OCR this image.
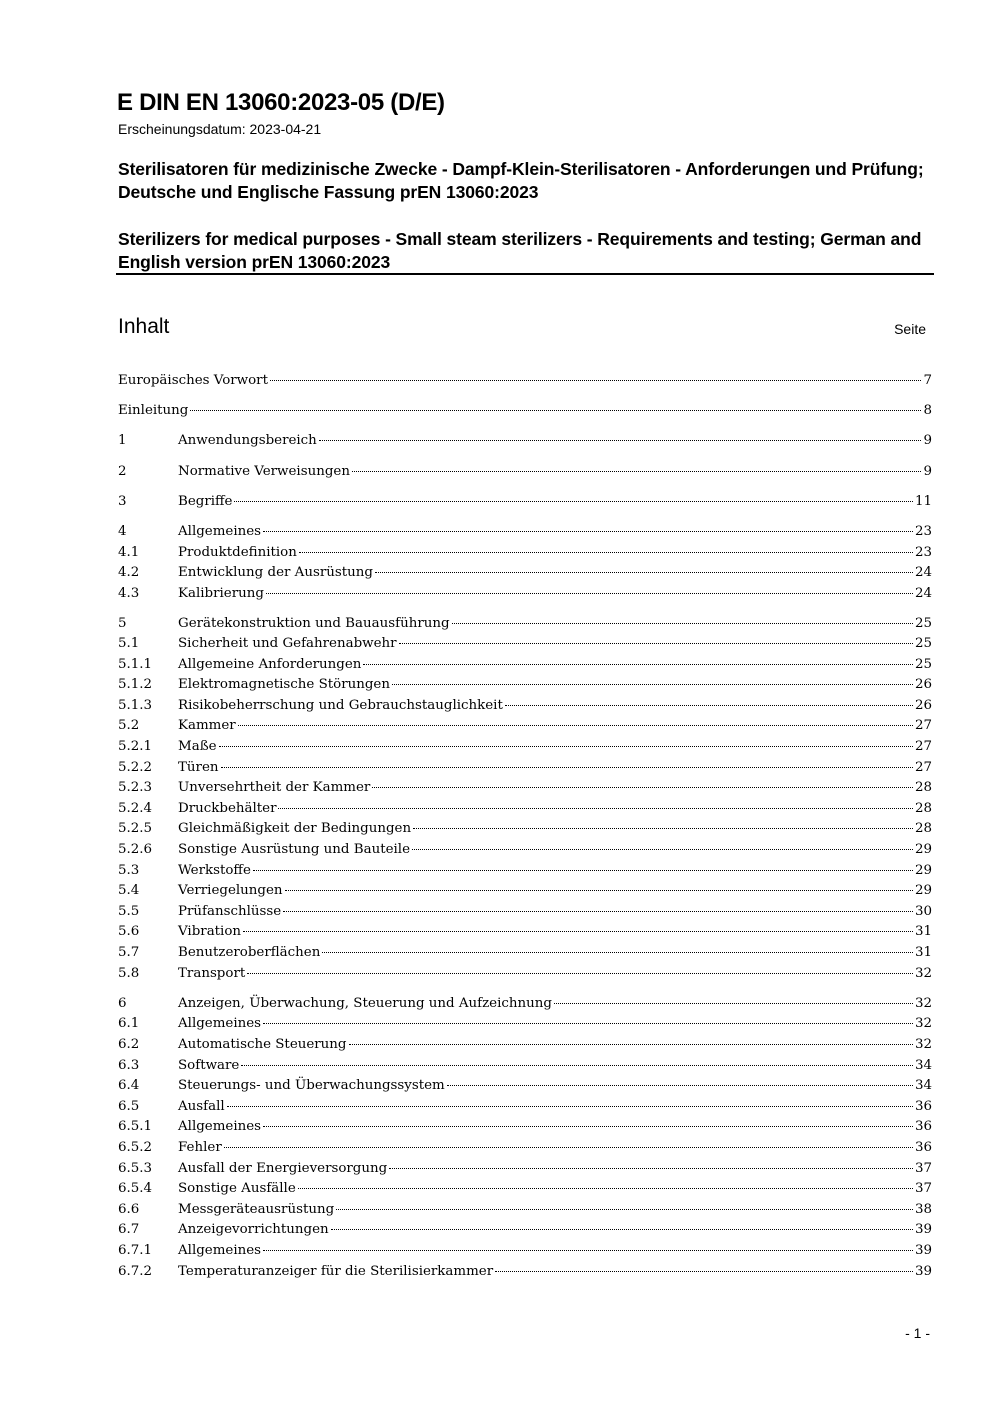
E DIN EN 13060:2023-05 (D/E)
Erscheinungsdatum: 2023-04-21
Sterilisatoren für medizinische Zwecke - Dampf-Klein-Sterilisatoren - Anforderungen und Prüfung; Deutsche und Englische Fassung prEN 13060:2023
Sterilizers for medical purposes - Small steam sterilizers - Requirements and testing; German and English version prEN 13060:2023
Inhalt	Seite
Europäisches Vorwort	7
Einleitung	8
1	Anwendungsbereich	9
2	Normative Verweisungen	9
3	Begriffe	11
4	Allgemeines	23
4.1	Produktdefinition	23
4.2	Entwicklung der Ausrüstung	24
4.3	Kalibrierung	24
5	Gerätekonstruktion und Bauausführung	25
5.1	Sicherheit und Gefahrenabwehr	25
5.1.1	Allgemeine Anforderungen	25
5.1.2	Elektromagnetische Störungen	26
5.1.3	Risikobeherrschung und Gebrauchstauglichkeit	26
5.2	Kammer	27
5.2.1	Maße	27
5.2.2	Türen	27
5.2.3	Unversehrtheit der Kammer	28
5.2.4	Druckbehälter	28
5.2.5	Gleichmäßigkeit der Bedingungen	28
5.2.6	Sonstige Ausrüstung und Bauteile	29
5.3	Werkstoffe	29
5.4	Verriegelungen	29
5.5	Prüfanschlüsse	30
5.6	Vibration	31
5.7	Benutzeroberflächen	31
5.8	Transport	32
6	Anzeigen, Überwachung, Steuerung und Aufzeichnung	32
6.1	Allgemeines	32
6.2	Automatische Steuerung	32
6.3	Software	34
6.4	Steuerungs- und Überwachungssystem	34
6.5	Ausfall	36
6.5.1	Allgemeines	36
6.5.2	Fehler	36
6.5.3	Ausfall der Energieversorgung	37
6.5.4	Sonstige Ausfälle	37
6.6	Messgeräteausrüstung	38
6.7	Anzeigevorrichtungen	39
6.7.1	Allgemeines	39
6.7.2	Temperaturanzeiger für die Sterilisierkammer	39
- 1 -
